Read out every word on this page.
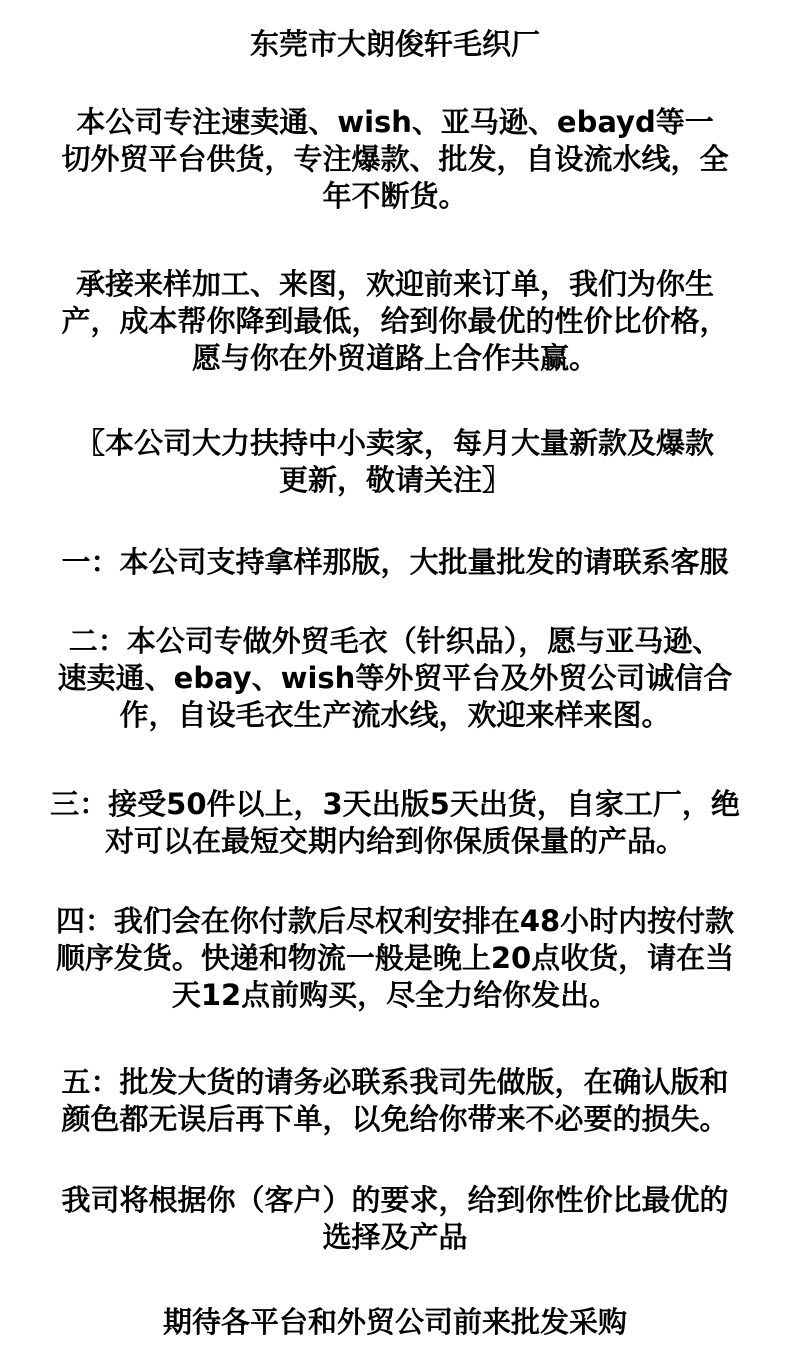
东莞市大朗俊轩毛织厂

本公司专注速卖通、wish、亚马逊、ebayd等一

切外贸平台供货，专注爆款、批发，自设流水线，全

年不断货。

承接来样加工、来图，欢迎前来订单，我们为你生

产，成本帮你降到最低，给到你最优的性价比价格，

愿与你在外贸道路上合作共赢。

〖本公司大力扶持中小卖家，每月大量新款及爆款

更新，敬请关注〗

一：本公司支持拿样那版，大批量批发的请联系客服

二：本公司专做外贸毛衣（针织品），愿与亚马逊、

速卖通、ebay、wish等外贸平台及外贸公司诚信合

作，自设毛衣生产流水线，欢迎来样来图。

三：接受50件以上，3天出版5天出货，自家工厂，绝

对可以在最短交期内给到你保质保量的产品。

四：我们会在你付款后尽权利安排在48小时内按付款

顺序发货。快递和物流一般是晚上20点收货，请在当

天12点前购买，尽全力给你发出。

五：批发大货的请务必联系我司先做版，在确认版和

颜色都无误后再下单，以免给你带来不必要的损失。

我司将根据你（客户）的要求，给到你性价比最优的

选择及产品

期待各平台和外贸公司前来批发采购
